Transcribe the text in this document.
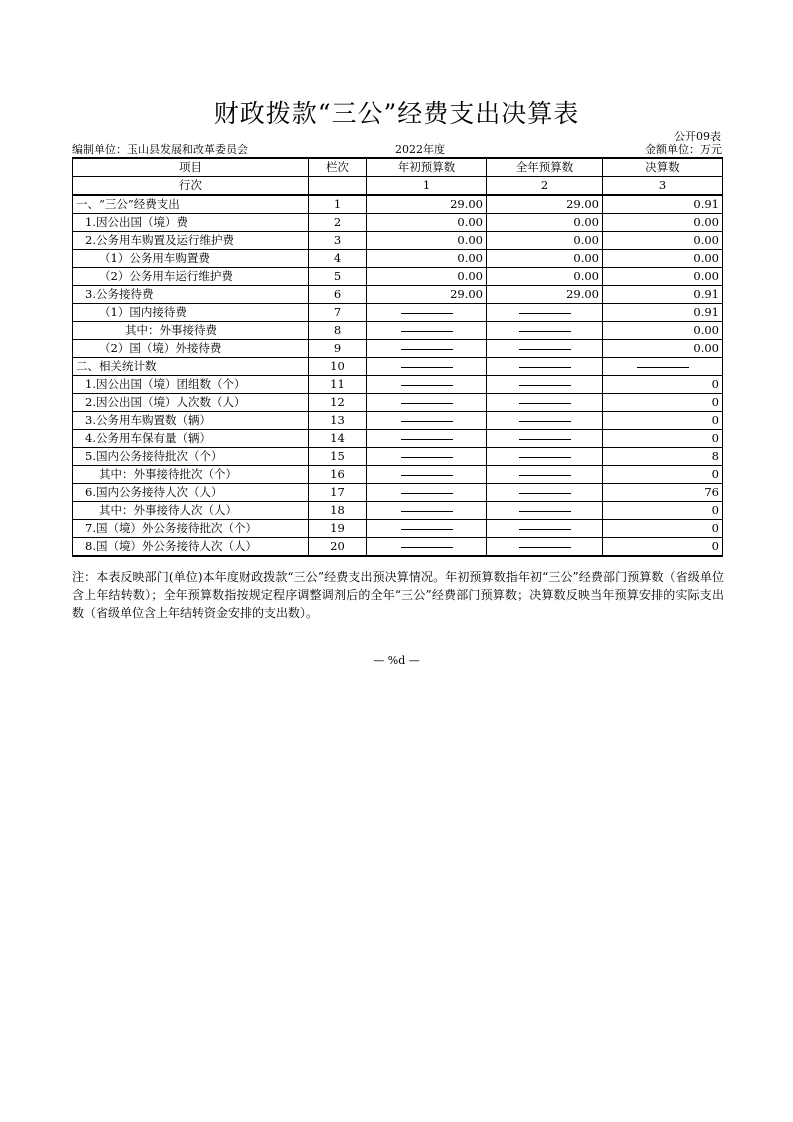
财政拨款“三公”经费支出决算表
公开09表
编制单位：玉山县发展和改革委员会	2022年度	金额单位：万元
项目	栏次	年初预算数	全年预算数	决算数
行次		1	2	3
一、“三公”经费支出	1	29.00	29.00	0.91
1.因公出国（境）费	2	0.00	0.00	0.00
2.公务用车购置及运行维护费	3	0.00	0.00	0.00
（1）公务用车购置费	4	0.00	0.00	0.00
（2）公务用车运行维护费	5	0.00	0.00	0.00
3.公务接待费	6	29.00	29.00	0.91
（1）国内接待费	7			0.91
其中：外事接待费	8			0.00
（2）国（境）外接待费	9			0.00
二、相关统计数	10			
1.因公出国（境）团组数（个）	11			0
2.因公出国（境）人次数（人）	12			0
3.公务用车购置数（辆）	13			0
4.公务用车保有量（辆）	14			0
5.国内公务接待批次（个）	15			8
其中：外事接待批次（个）	16			0
6.国内公务接待人次（人）	17			76
其中：外事接待人次（人）	18			0
7.国（境）外公务接待批次（个）	19			0
8.国（境）外公务接待人次（人）	20			0
注：本表反映部门(单位)本年度财政拨款“三公”经费支出预决算情况。年初预算数指年初“三公”经费部门预算数（省级单位含上年结转数）；全年预算数指按规定程序调整调剂后的全年“三公”经费部门预算数；决算数反映当年预算安排的实际支出数（省级单位含上年结转资金安排的支出数）。
— %d —
